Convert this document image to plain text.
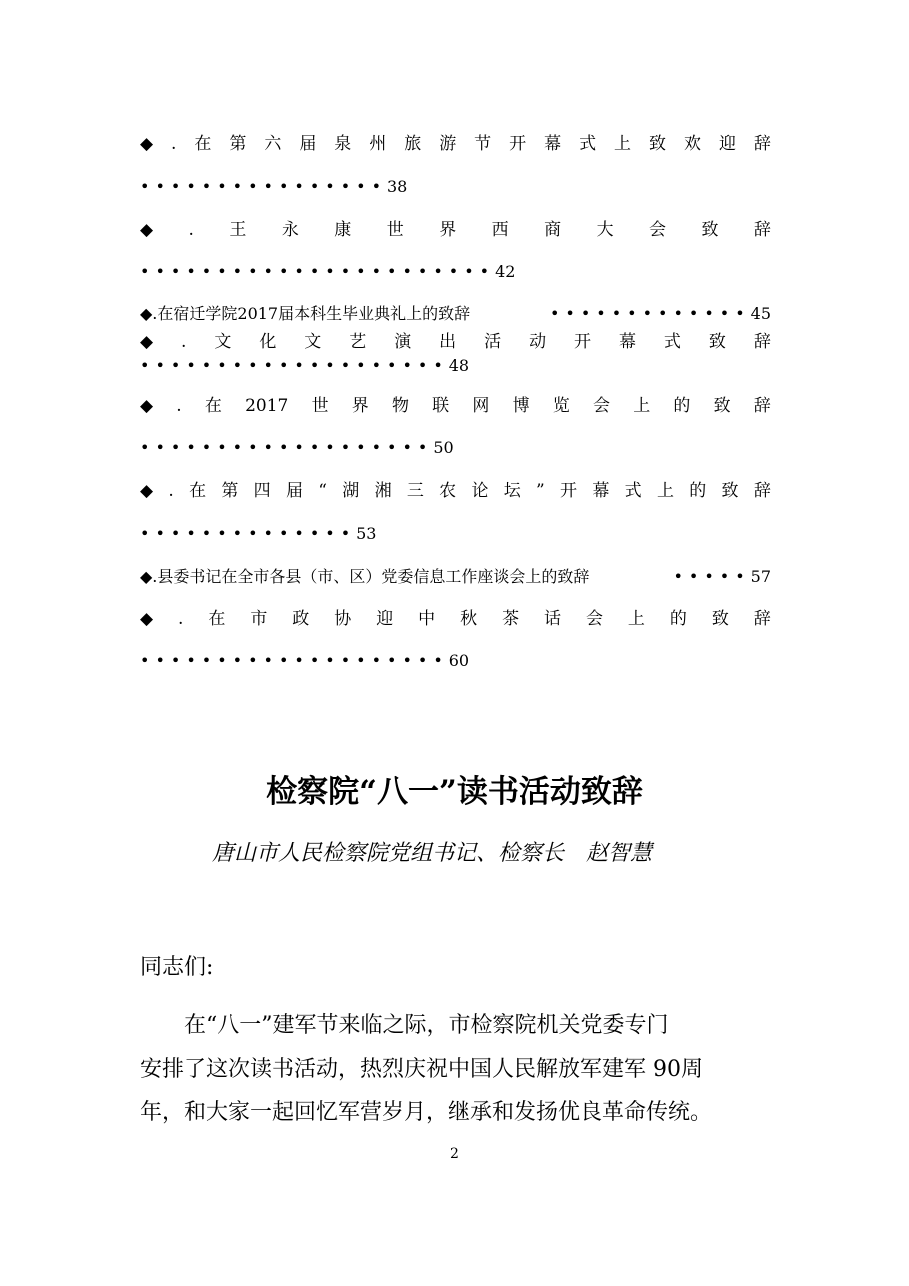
◆ . 在 第 六 届 泉 州 旅 游 节 开 幕 式 上 致 欢 迎 辞
••••••••••••••••38
◆ . 王 永 康 世 界 西 商 大 会 致 辞
•••••••••••••••••••••••42
◆.在宿迁学院2017届本科生毕业典礼上的致辞	•••••••••••••45
◆ . 文 化 文 艺 演 出 活 动 开 幕 式 致 辞
••••••••••••••••••••48
◆ . 在 2017 世 界 物 联 网 博 览 会 上 的 致 辞
•••••••••••••••••••50
◆ . 在 第 四 届 “ 湖 湘 三 农 论 坛 ” 开 幕 式 上 的 致 辞
••••••••••••••53
◆.县委书记在全市各县（市、区）党委信息工作座谈会上的致辞	•••••57
◆ . 在 市 政 协 迎 中 秋 茶 话 会 上 的 致 辞
••••••••••••••••••••60
检察院“八一”读书活动致辞
唐山市人民检察院党组书记、检察长　赵智慧
同志们:
　　在“八一”建军节来临之际，市检察院机关党委专门
安排了这次读书活动，热烈庆祝中国人民解放军建军 90周
年，和大家一起回忆军营岁月，继承和发扬优良革命传统。
2
